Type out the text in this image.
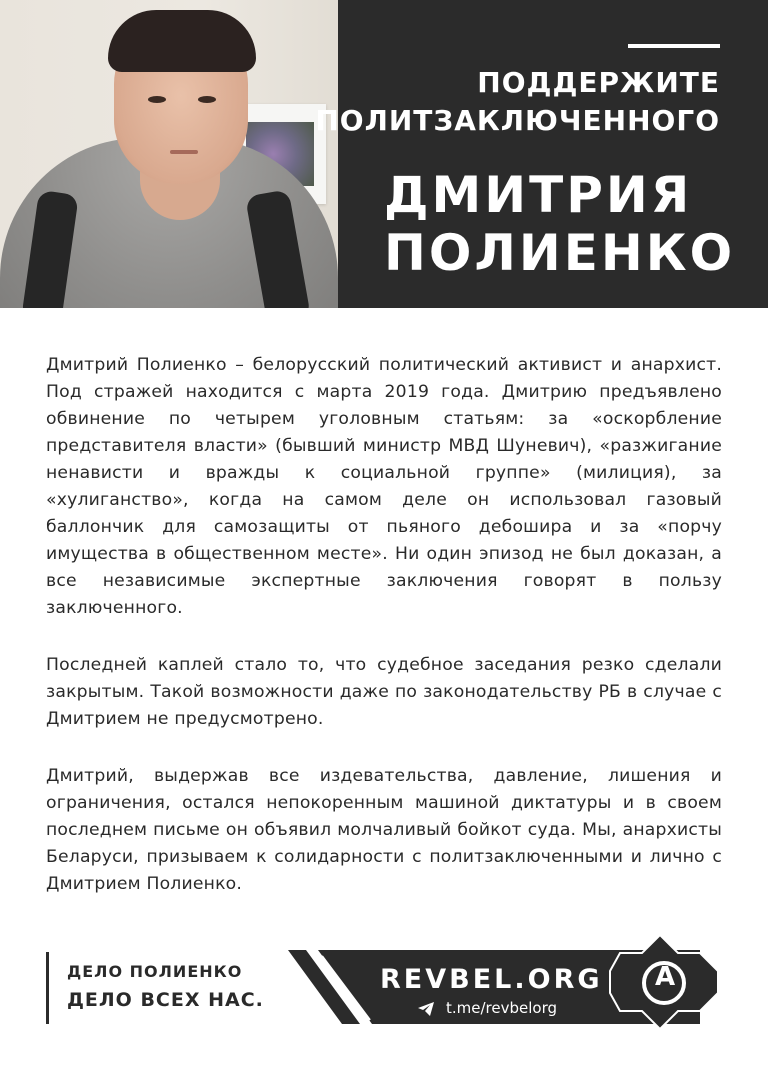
ПОДДЕРЖИТЕ
ПОЛИТЗАКЛЮЧЕННОГО
ДМИТРИЯ
ПОЛИЕНКО

Дмитрий Полиенко – белорусский политический активист и анархист. Под стражей находится с марта 2019 года. Дмитрию предъявлено обвинение по четырем уголовным статьям: за «оскорбление представителя власти» (бывший министр МВД Шуневич), «разжигание ненависти и вражды к социальной группе» (милиция), за «хулиганство», когда на самом деле он использовал газовый баллончик для самозащиты от пьяного дебошира и за «порчу имущества в общественном месте». Ни один эпизод не был доказан, а все независимые экспертные заключения говорят в пользу заключенного.

Последней каплей стало то, что судебное заседания резко сделали закрытым. Такой возможности даже по законодательству РБ в случае с Дмитрием не предусмотрено.

Дмитрий, выдержав все издевательства, давление, лишения и ограничения, остался непокоренным машиной диктатуры и в своем последнем письме он объявил молчаливый бойкот суда. Мы, анархисты Беларуси, призываем к солидарности с политзаключенными и лично с Дмитрием Полиенко.

ДЕЛО ПОЛИЕНКО
ДЕЛО ВСЕХ НАС.
REVBEL.ORG
t.me/revbelorg
A
